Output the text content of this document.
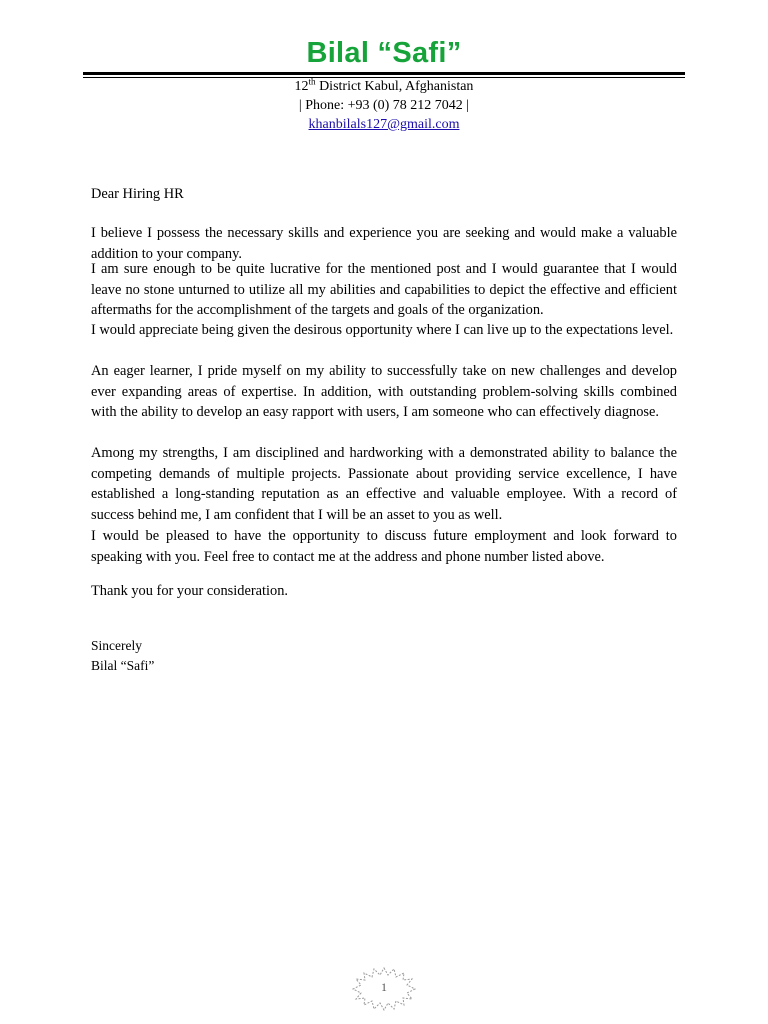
Bilal “Safi”
12th District Kabul, Afghanistan
| Phone: +93 (0) 78 212 7042 |
khanbilals127@gmail.com
Dear Hiring HR
I believe I possess the necessary skills and experience you are seeking and would make a valuable addition to your company.
I am sure enough to be quite lucrative for the mentioned post and I would guarantee that I would leave no stone unturned to utilize all my abilities and capabilities to depict the effective and efficient aftermaths for the accomplishment of the targets and goals of the organization.
I would appreciate being given the desirous opportunity where I can live up to the expectations level.
An eager learner, I pride myself on my ability to successfully take on new challenges and develop ever expanding areas of expertise. In addition, with outstanding problem-solving skills combined with the ability to develop an easy rapport with users, I am someone who can effectively diagnose.
Among my strengths, I am disciplined and hardworking with a demonstrated ability to balance the competing demands of multiple projects. Passionate about providing service excellence, I have established a long-standing reputation as an effective and valuable employee. With a record of success behind me, I am confident that I will be an asset to you as well.
I would be pleased to have the opportunity to discuss future employment and look forward to speaking with you. Feel free to contact me at the address and phone number listed above.
Thank you for your consideration.
Sincerely
Bilal “Safi”
1
